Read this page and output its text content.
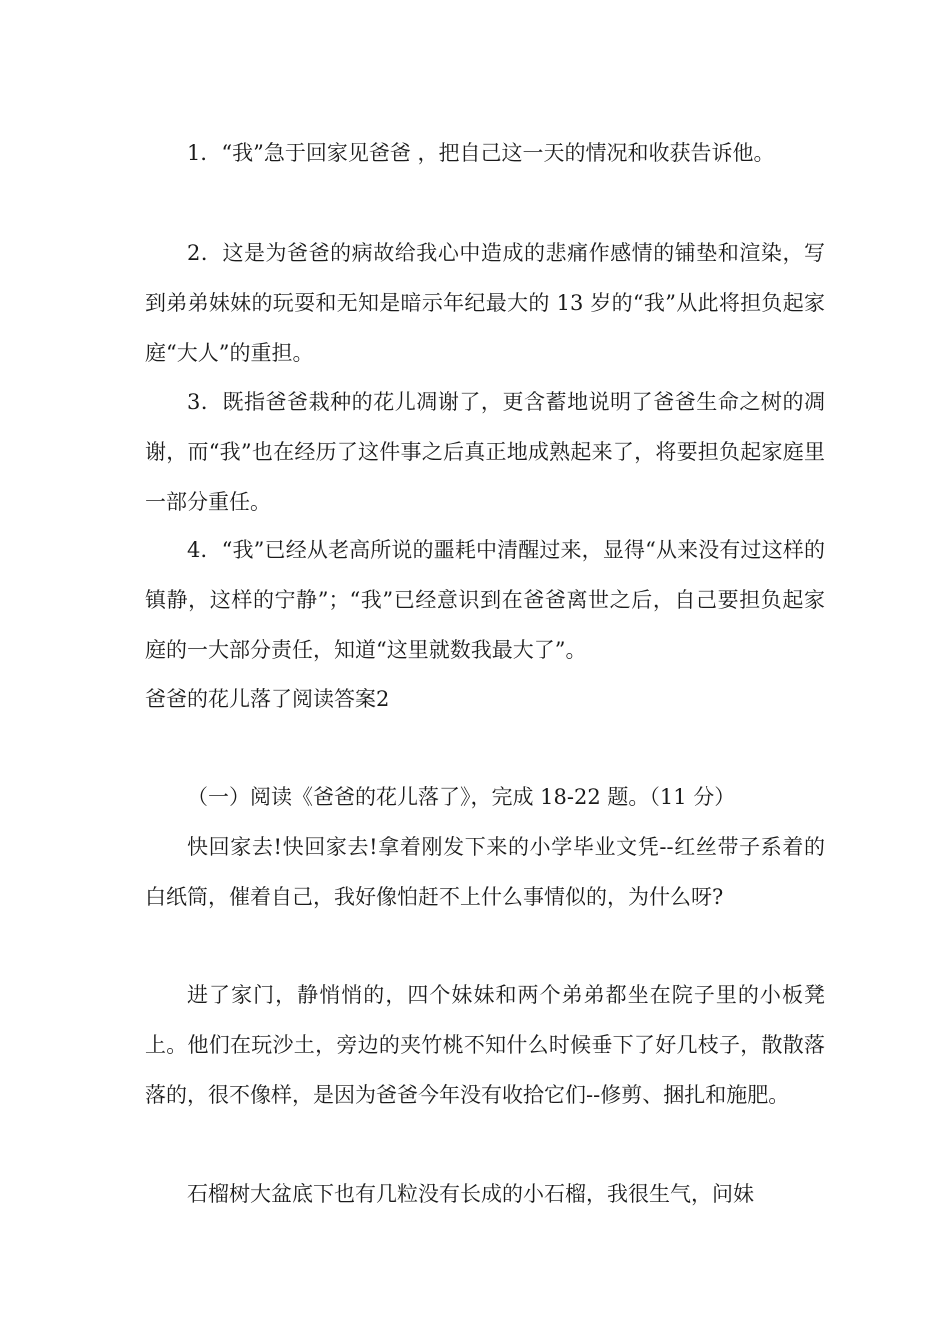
1．“我”急于回家见爸爸 ，把自己这一天的情况和收获告诉他。

2．这是为爸爸的病故给我心中造成的悲痛作感情的铺垫和渲染，写到弟弟妹妹的玩耍和无知是暗示年纪最大的 13 岁的“我”从此将担负起家庭“大人”的重担。

3．既指爸爸栽种的花儿凋谢了，更含蓄地说明了爸爸生命之树的凋谢，而“我”也在经历了这件事之后真正地成熟起来了，将要担负起家庭里一部分重任。

4．“我”已经从老高所说的噩耗中清醒过来，显得“从来没有过这样的镇静，这样的宁静”；“我”已经意识到在爸爸离世之后，自己要担负起家庭的一大部分责任，知道“这里就数我最大了”。

爸爸的花儿落了阅读答案2

（一）阅读《爸爸的花儿落了》，完成 18-22 题。（11 分）

快回家去!快回家去!拿着刚发下来的小学毕业文凭--红丝带子系着的白纸筒，催着自己，我好像怕赶不上什么事情似的，为什么呀?

进了家门，静悄悄的，四个妹妹和两个弟弟都坐在院子里的小板凳上。他们在玩沙土，旁边的夹竹桃不知什么时候垂下了好几枝子，散散落落的，很不像样，是因为爸爸今年没有收拾它们--修剪、捆扎和施肥。

石榴树大盆底下也有几粒没有长成的小石榴，我很生气，问妹
